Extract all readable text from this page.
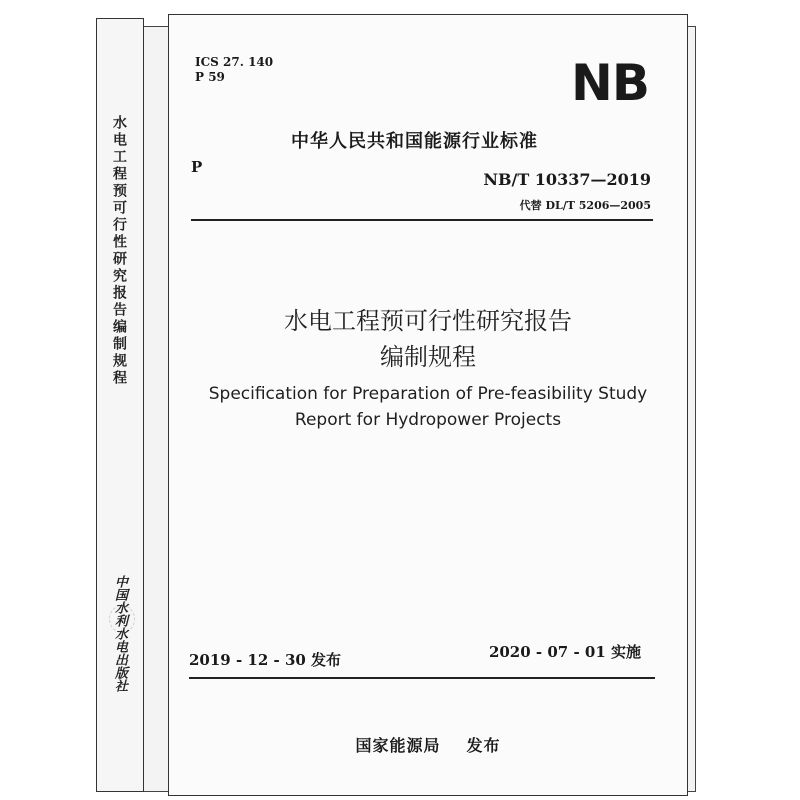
水电工程预可行性研究报告编制规程
中国水利水电出版社
ICS 27. 140
P 59	NB
中华人民共和国能源行业标准
P
NB/T 10337—2019
代替 DL/T 5206—2005
水电工程预可行性研究报告
编制规程
Specification for Preparation of Pre-feasibility Study
Report for Hydropower Projects
2019 - 12 - 30 发布	2020 - 07 - 01 实施
国家能源局 发布
